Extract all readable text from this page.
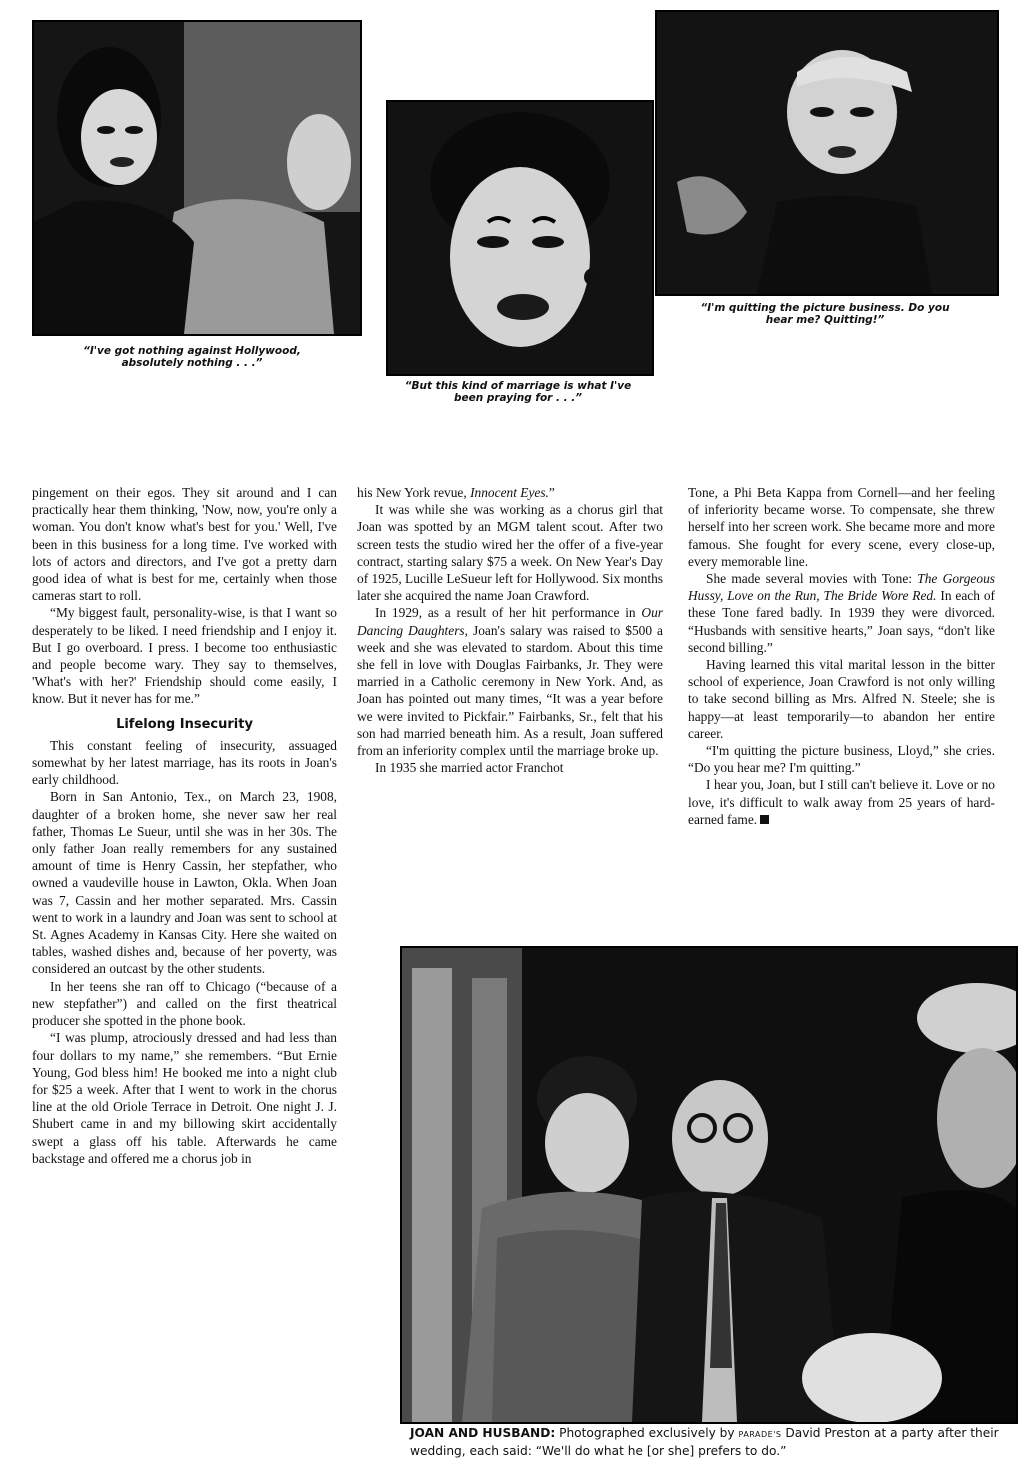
“I've got nothing against Hollywood, absolutely nothing . . .”
“But this kind of marriage is what I've been praying for . . .”
“I'm quitting the picture business. Do you hear me? Quitting!”

pingement on their egos. They sit around and I can practically hear them thinking, 'Now, now, you're only a woman. You don't know what's best for you.' Well, I've been in this business for a long time. I've worked with lots of actors and directors, and I've got a pretty darn good idea of what is best for me, certainly when those cameras start to roll.

“My biggest fault, personality-wise, is that I want so desperately to be liked. I need friendship and I enjoy it. But I go overboard. I press. I become too enthusiastic and people become wary. They say to themselves, 'What's with her?' Friendship should come easily, I know. But it never has for me.”

Lifelong Insecurity

This constant feeling of insecurity, assuaged somewhat by her latest marriage, has its roots in Joan's early childhood.

Born in San Antonio, Tex., on March 23, 1908, daughter of a broken home, she never saw her real father, Thomas Le Sueur, until she was in her 30s. The only father Joan really remembers for any sustained amount of time is Henry Cassin, her stepfather, who owned a vaudeville house in Lawton, Okla. When Joan was 7, Cassin and her mother separated. Mrs. Cassin went to work in a laundry and Joan was sent to school at St. Agnes Academy in Kansas City. Here she waited on tables, washed dishes and, because of her poverty, was considered an outcast by the other students.

In her teens she ran off to Chicago (“because of a new stepfather”) and called on the first theatrical producer she spotted in the phone book.

“I was plump, atrociously dressed and had less than four dollars to my name,” she remembers. “But Ernie Young, God bless him! He booked me into a night club for $25 a week. After that I went to work in the chorus line at the old Oriole Terrace in Detroit. One night J. J. Shubert came in and my billowing skirt accidentally swept a glass off his table. Afterwards he came backstage and offered me a chorus job in

his New York revue, Innocent Eyes.”

It was while she was working as a chorus girl that Joan was spotted by an MGM talent scout. After two screen tests the studio wired her the offer of a five-year contract, starting salary $75 a week. On New Year's Day of 1925, Lucille LeSueur left for Hollywood. Six months later she acquired the name Joan Crawford.

In 1929, as a result of her hit performance in Our Dancing Daughters, Joan's salary was raised to $500 a week and she was elevated to stardom. About this time she fell in love with Douglas Fairbanks, Jr. They were married in a Catholic ceremony in New York. And, as Joan has pointed out many times, “It was a year before we were invited to Pickfair.” Fairbanks, Sr., felt that his son had married beneath him. As a result, Joan suffered from an inferiority complex until the marriage broke up.

In 1935 she married actor Franchot

Tone, a Phi Beta Kappa from Cornell—and her feeling of inferiority became worse. To compensate, she threw herself into her screen work. She became more and more famous. She fought for every scene, every close-up, every memorable line.

She made several movies with Tone: The Gorgeous Hussy, Love on the Run, The Bride Wore Red. In each of these Tone fared badly. In 1939 they were divorced. “Husbands with sensitive hearts,” Joan says, “don't like second billing.”

Having learned this vital marital lesson in the bitter school of experience, Joan Crawford is not only willing to take second billing as Mrs. Alfred N. Steele; she is happy—at least temporarily—to abandon her entire career.

“I'm quitting the picture business, Lloyd,” she cries. “Do you hear me? I'm quitting.”

I hear you, Joan, but I still can't believe it. Love or no love, it's difficult to walk away from 25 years of hard-earned fame.

JOAN AND HUSBAND: Photographed exclusively by PARADE'S David Preston at a party after their wedding, each said: “We'll do what he [or she] prefers to do.”
